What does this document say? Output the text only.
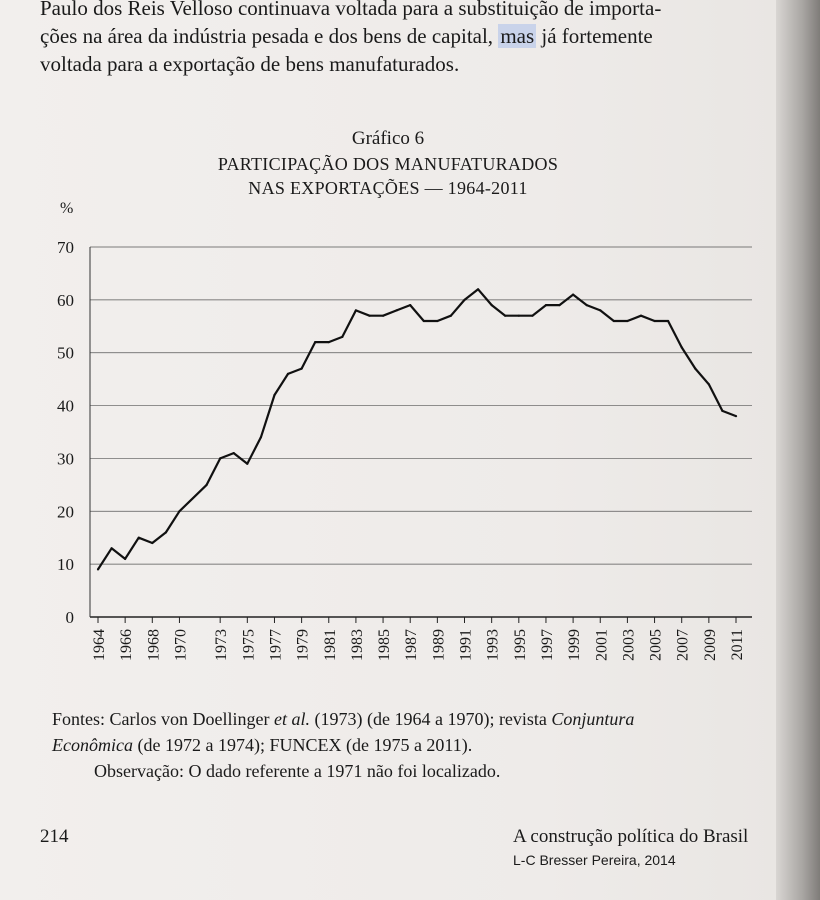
Paulo dos Reis Velloso continuava voltada para a substituição de importa-

ções na área da indústria pesada e dos bens de capital, mas já fortemente

voltada para a exportação de bens manufaturados.

Gráfico 6
PARTICIPAÇÃO DOS MANUFATURADOS
NAS EXPORTAÇÕES — 1964-2011
0
10
20
30
40
50
60
70
%
1964 1966 1968 1970 1973 1975 1977 1979 1981 1983 1985 1987 1989 1991 1993 1995 1997 1999 2001 2003 2005 2007 2009 2011

Fontes: Carlos von Doellinger et al. (1973) (de 1964 a 1970); revista Conjuntura

Econômica (de 1972 a 1974); FUNCEX (de 1975 a 2011).

Observação: O dado referente a 1971 não foi localizado.

214	A construção política do Brasil
L-C Bresser Pereira, 2014
